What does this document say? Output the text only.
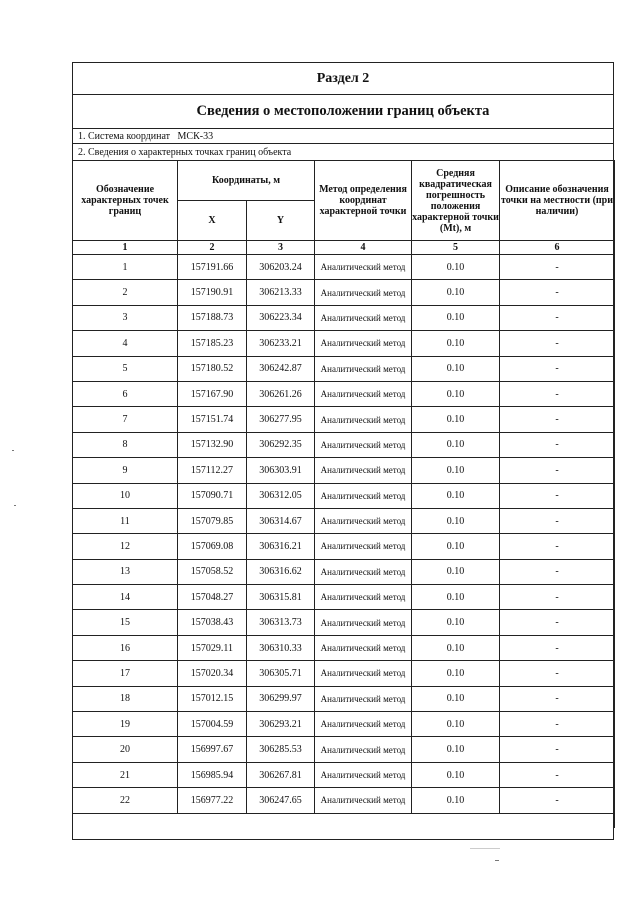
Раздел 2
Сведения о местоположении границ объекта
1. Система координат МСК-33
2. Сведения о характерных точках границ объекта
Обозначение характерных точек границ	Координаты, м		Метод определения координат характерной точки	Средняя квадратическая погрешность положения характерной точки (Mt), м	Описание обозначения точки на местности (при наличии)
	X	Y			
1	2	3	4	5	6
1	157191.66	306203.24	Аналитический метод	0.10	-
2	157190.91	306213.33	Аналитический метод	0.10	-
3	157188.73	306223.34	Аналитический метод	0.10	-
4	157185.23	306233.21	Аналитический метод	0.10	-
5	157180.52	306242.87	Аналитический метод	0.10	-
6	157167.90	306261.26	Аналитический метод	0.10	-
7	157151.74	306277.95	Аналитический метод	0.10	-
8	157132.90	306292.35	Аналитический метод	0.10	-
9	157112.27	306303.91	Аналитический метод	0.10	-
10	157090.71	306312.05	Аналитический метод	0.10	-
11	157079.85	306314.67	Аналитический метод	0.10	-
12	157069.08	306316.21	Аналитический метод	0.10	-
13	157058.52	306316.62	Аналитический метод	0.10	-
14	157048.27	306315.81	Аналитический метод	0.10	-
15	157038.43	306313.73	Аналитический метод	0.10	-
16	157029.11	306310.33	Аналитический метод	0.10	-
17	157020.34	306305.71	Аналитический метод	0.10	-
18	157012.15	306299.97	Аналитический метод	0.10	-
19	157004.59	306293.21	Аналитический метод	0.10	-
20	156997.67	306285.53	Аналитический метод	0.10	-
21	156985.94	306267.81	Аналитический метод	0.10	-
22	156977.22	306247.65	Аналитический метод	0.10	-
